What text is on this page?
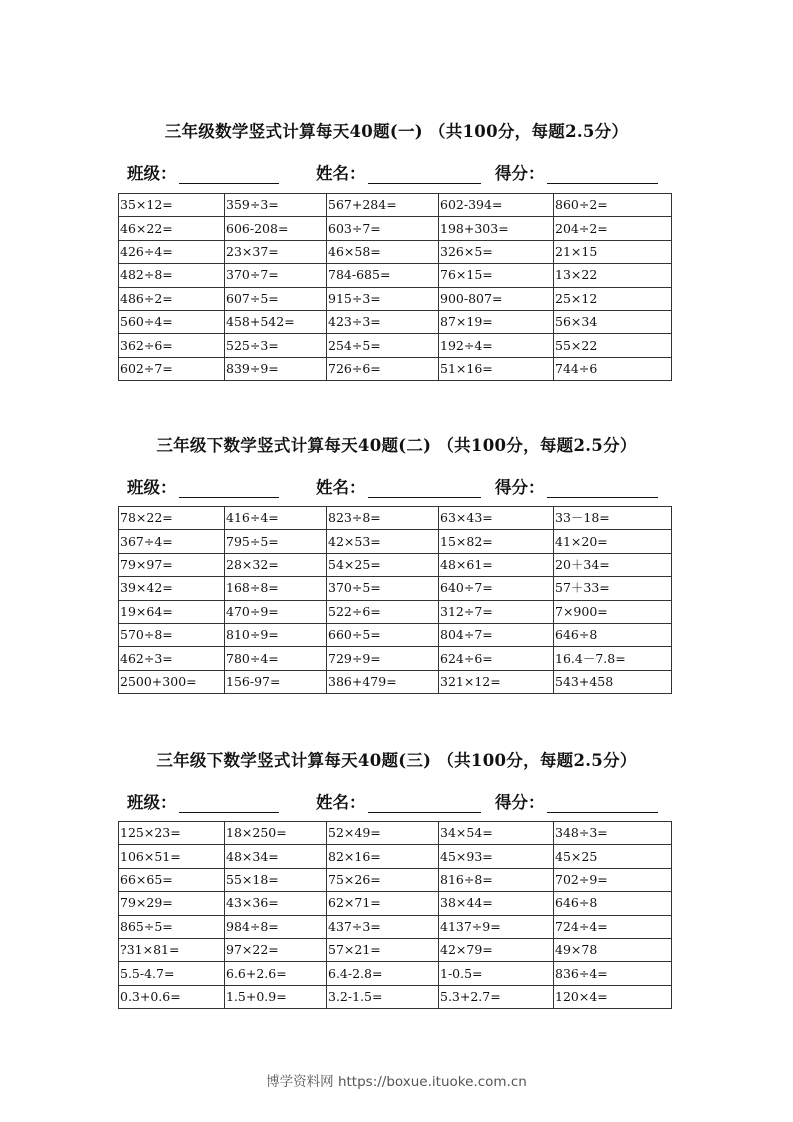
三年级数学竖式计算每天40题(一) （共100分，每题2.5分）
班级：	姓名：	得分：
35×12=	359÷3=	567+284=	602-394=	860÷2=
46×22=	606-208=	603÷7=	198+303=	204÷2=
426÷4=	23×37=	46×58=	326×5=	21×15
482÷8=	370÷7=	784-685=	76×15=	13×22
486÷2=	607÷5=	915÷3=	900-807=	25×12
560÷4=	458+542=	423÷3=	87×19=	56×34
362÷6=	525÷3=	254÷5=	192÷4=	55×22
602÷7=	839÷9=	726÷6=	51×16=	744÷6
三年级下数学竖式计算每天40题(二) （共100分，每题2.5分）
班级：	姓名：	得分：
78×22=	416÷4=	823÷8=	63×43=	33－18=
367÷4=	795÷5=	42×53=	15×82=	41×20=
79×97=	28×32=	54×25=	48×61=	20＋34=
39×42=	168÷8=	370÷5=	640÷7=	57＋33=
19×64=	470÷9=	522÷6=	312÷7=	7×900=
570÷8=	810÷9=	660÷5=	804÷7=	646÷8
462÷3=	780÷4=	729÷9=	624÷6=	16.4－7.8=
2500+300=	156-97=	386+479=	321×12=	543+458
三年级下数学竖式计算每天40题(三) （共100分，每题2.5分）
班级：	姓名：	得分：
125×23=	18×250=	52×49=	34×54=	348÷3=
106×51=	48×34=	82×16=	45×93=	45×25
66×65=	55×18=	75×26=	816÷8=	702÷9=
79×29=	43×36=	62×71=	38×44=	646÷8
865÷5=	984÷8=	437÷3=	4137÷9=	724÷4=
?31×81=	97×22=	57×21=	42×79=	49×78
5.5-4.7=	6.6+2.6=	6.4-2.8=	1-0.5=	836÷4=
0.3+0.6=	1.5+0.9=	3.2-1.5=	5.3+2.7=	120×4=
博学资料网 https://boxue.ituoke.com.cn
